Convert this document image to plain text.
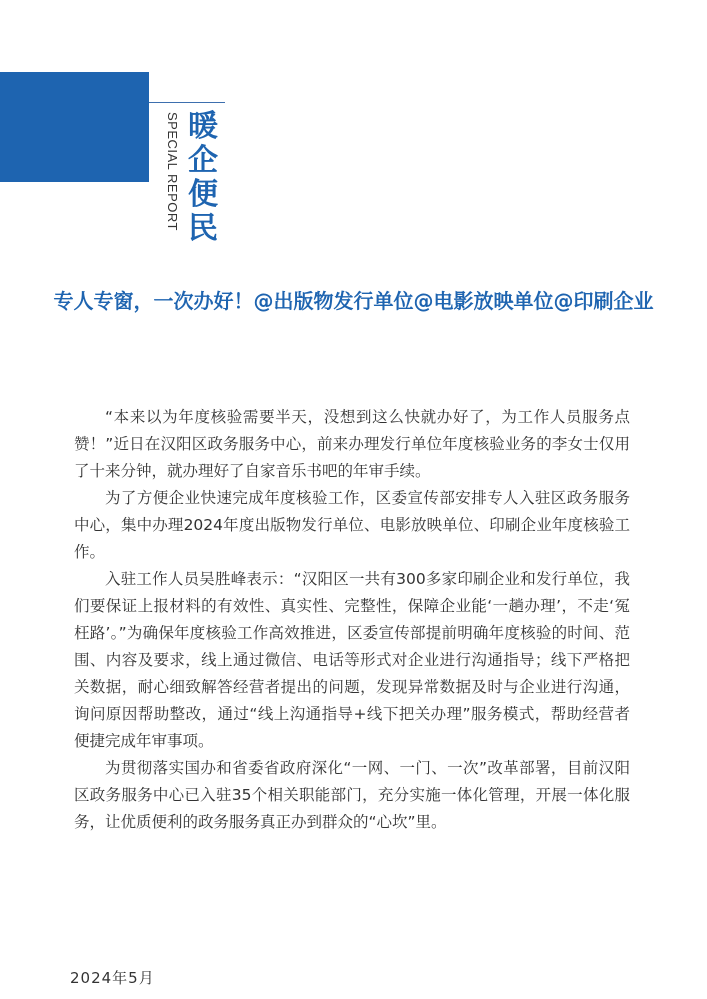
SPECIAL REPORT 暖企便民
专人专窗，一次办好！@出版物发行单位@电影放映单位@印刷企业

“本来以为年度核验需要半天，没想到这么快就办好了，为工作人员服务点赞！”近日在汉阳区政务服务中心，前来办理发行单位年度核验业务的李女士仅用了十来分钟，就办理好了自家音乐书吧的年审手续。

为了方便企业快速完成年度核验工作，区委宣传部安排专人入驻区政务服务中心，集中办理2024年度出版物发行单位、电影放映单位、印刷企业年度核验工作。

入驻工作人员吴胜峰表示：“汉阳区一共有300多家印刷企业和发行单位，我们要保证上报材料的有效性、真实性、完整性，保障企业能‘一趟办理’，不走‘冤枉路’。”为确保年度核验工作高效推进，区委宣传部提前明确年度核验的时间、范围、内容及要求，线上通过微信、电话等形式对企业进行沟通指导；线下严格把关数据，耐心细致解答经营者提出的问题，发现异常数据及时与企业进行沟通，询问原因帮助整改，通过“线上沟通指导+线下把关办理”服务模式，帮助经营者便捷完成年审事项。

为贯彻落实国办和省委省政府深化“一网、一门、一次”改革部署，目前汉阳区政务服务中心已入驻35个相关职能部门，充分实施一体化管理，开展一体化服务，让优质便利的政务服务真正办到群众的“心坎”里。

2024年5月
